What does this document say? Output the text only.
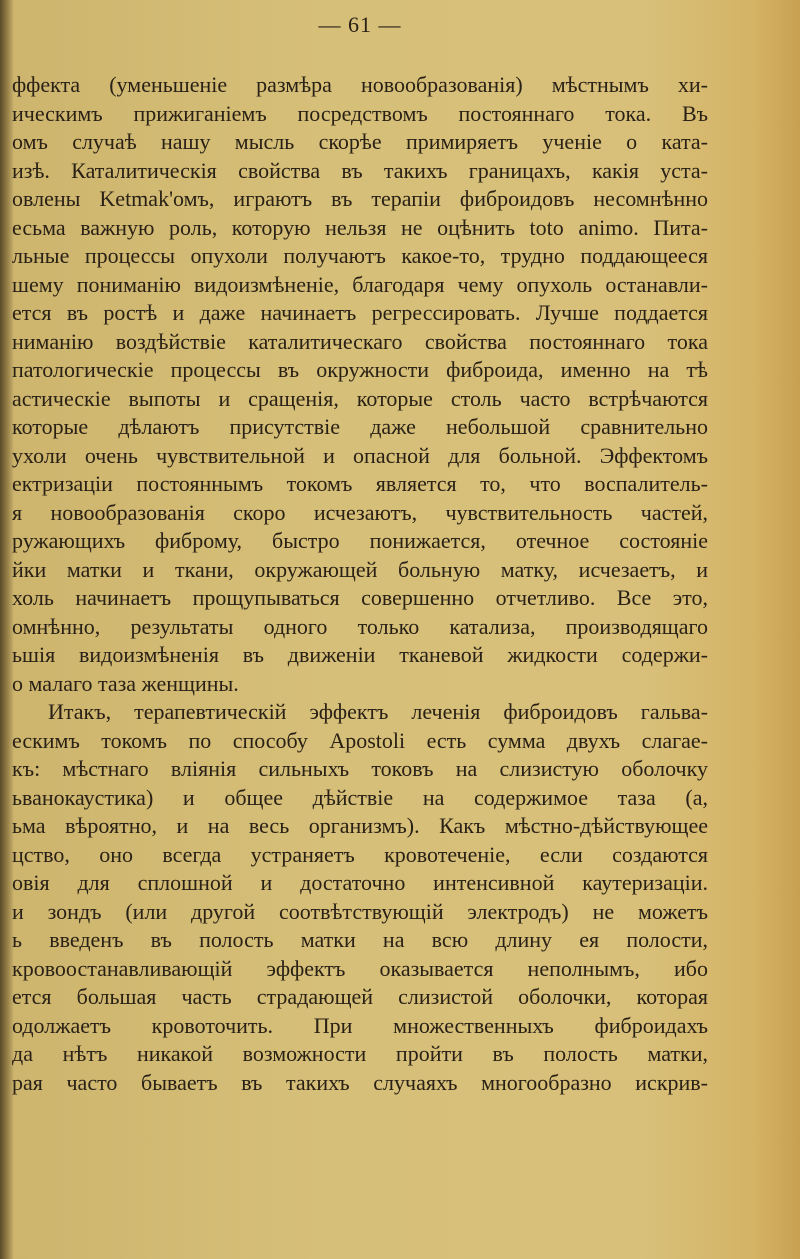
— 61 —
ффекта (уменьшеніе размѣра новообразованія) мѣстнымъ хи-
ическимъ прижиганіемъ посредствомъ постояннаго тока. Въ
омъ случаѣ нашу мысль скорѣе примиряетъ ученіе о ката-
изѣ. Каталитическія свойства въ такихъ границахъ, какія уста-
овлены Ketmak'омъ, играютъ въ терапіи фиброидовъ несомнѣнно
есьма важную роль, которую нельзя не оцѣнить toto animo. Пита-
льные процессы опухоли получаютъ какое-то, трудно поддающееся
шему пониманію видоизмѣненіе, благодаря чему опухоль останавли-
ется въ ростѣ и даже начинаетъ регрессировать. Лучше поддается
ниманію воздѣйствіе каталитическаго свойства постояннаго тока
патологическіе процессы въ окружности фиброида, именно на тѣ
астическіе выпоты и сращенія, которые столь часто встрѣчаются
которые дѣлаютъ присутствіе даже небольшой сравнительно
ухоли очень чувствительной и опасной для больной. Эффектомъ
ектризаціи постояннымъ токомъ является то, что воспалитель-
я новообразованія скоро исчезаютъ, чувствительность частей,
ружающихъ фиброму, быстро понижается, отечное состояніе
йки матки и ткани, окружающей больную матку, исчезаетъ, и
холь начинаетъ прощупываться совершенно отчетливо. Все это,
омнѣнно, результаты одного только катализа, производящаго
ьшія видоизмѣненія въ движеніи тканевой жидкости содержи-
о малаго таза женщины.
Итакъ, терапевтическій эффектъ леченія фиброидовъ гальва-
ескимъ токомъ по способу Apostoli есть сумма двухъ слагае-
къ: мѣстнаго вліянія сильныхъ токовъ на слизистую оболочку
ьванокаустика) и общее дѣйствіе на содержимое таза (а,
ьма вѣроятно, и на весь организмъ). Какъ мѣстно-дѣйствующее
цство, оно всегда устраняетъ кровотеченіе, если создаются
овія для сплошной и достаточно интенсивной каутеризаціи.
и зондъ (или другой соотвѣтствующій электродъ) не можетъ
ь введенъ въ полость матки на всю длину ея полости,
кровоостанавливающій эффектъ оказывается неполнымъ, ибо
ется большая часть страдающей слизистой оболочки, которая
одолжаетъ кровоточить. При множественныхъ фиброидахъ
да нѣтъ никакой возможности пройти въ полость матки,
рая часто бываетъ въ такихъ случаяхъ многообразно искрив-
